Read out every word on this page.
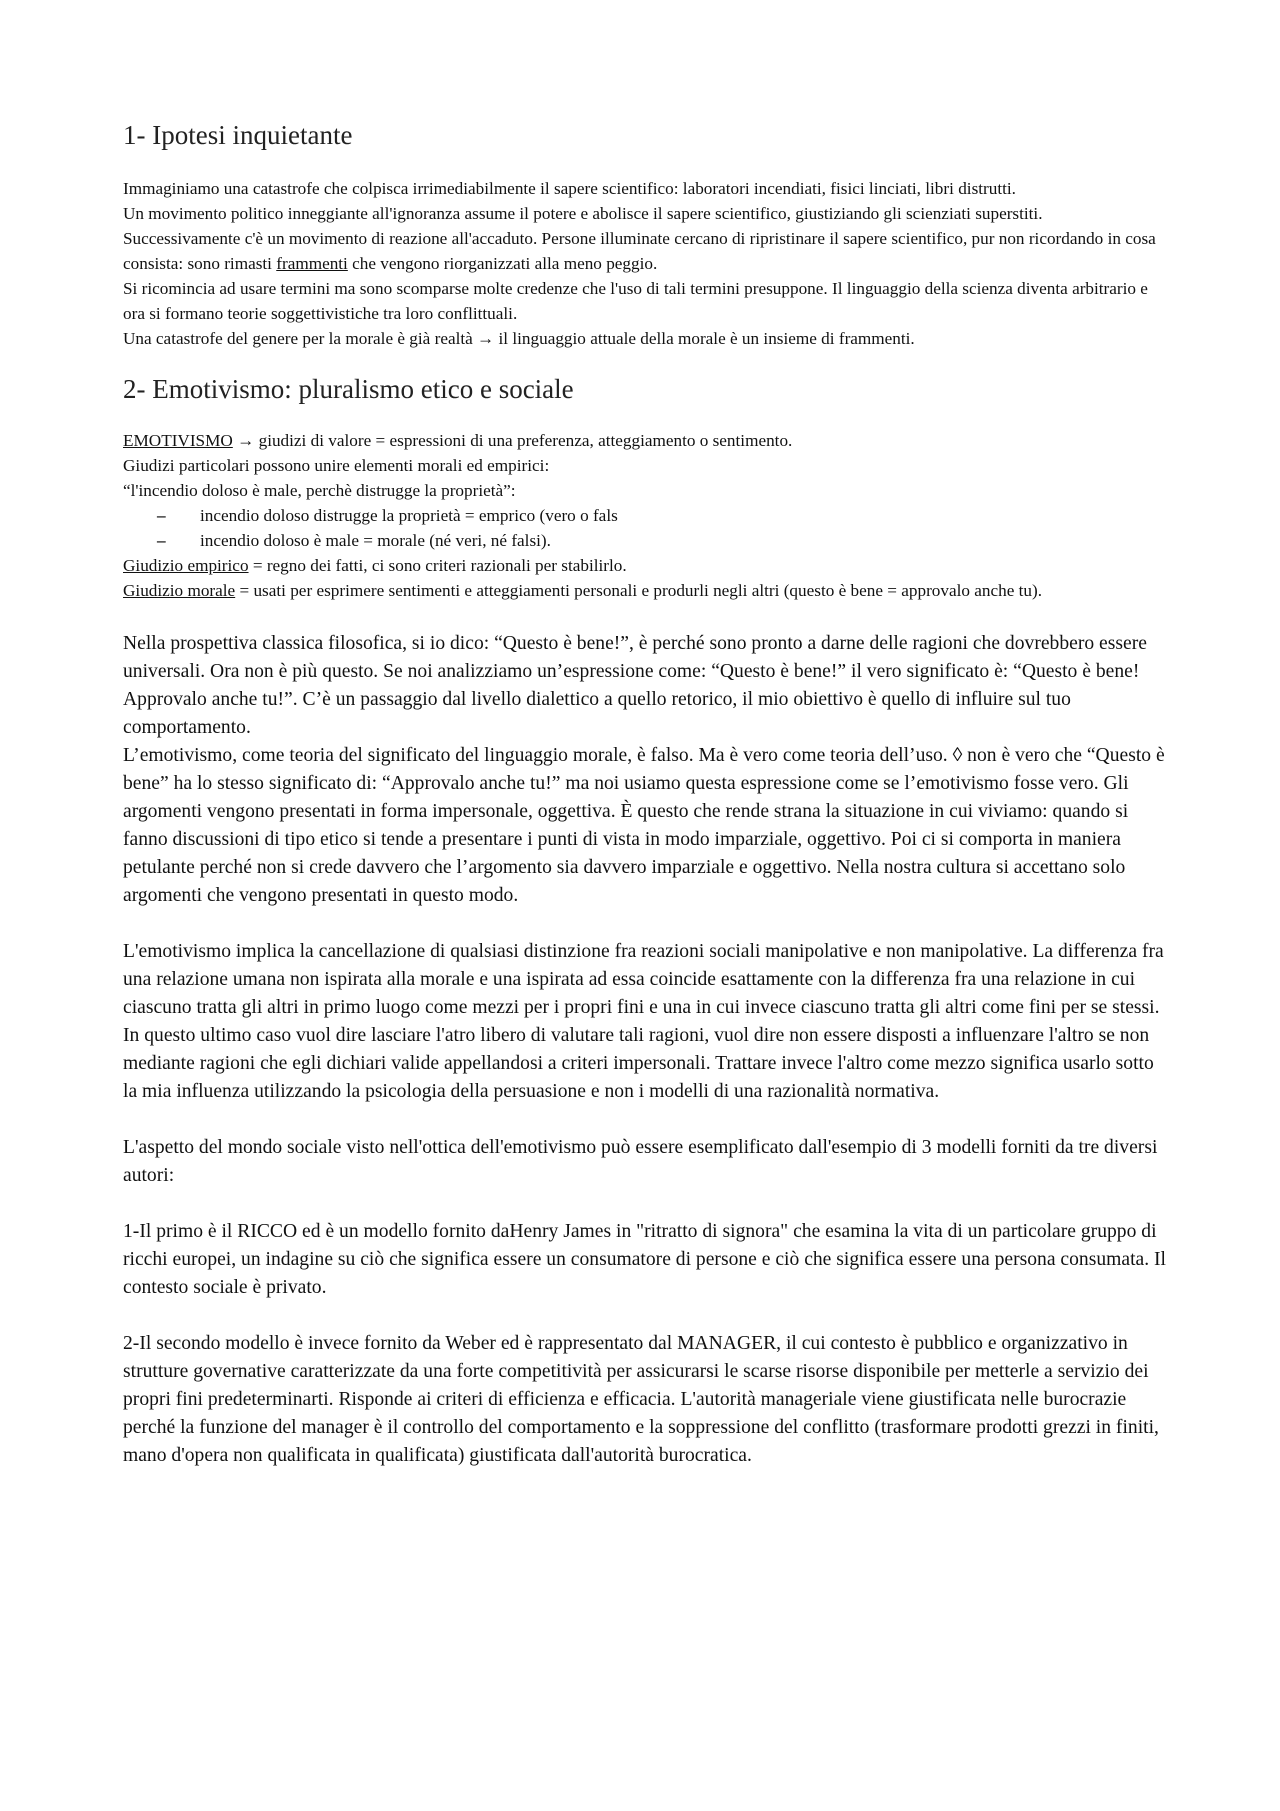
1- Ipotesi inquietante

Immaginiamo una catastrofe che colpisca irrimediabilmente il sapere scientifico: laboratori incendiati, fisici linciati, libri distrutti.

Un movimento politico inneggiante all'ignoranza assume il potere e abolisce il sapere scientifico, giustiziando gli scienziati superstiti.

Successivamente c'è un movimento di reazione all'accaduto. Persone illuminate cercano di ripristinare il sapere scientifico, pur non ricordando in cosa consista: sono rimasti frammenti che vengono riorganizzati alla meno peggio.

Si ricomincia ad usare termini ma sono scomparse molte credenze che l'uso di tali termini presuppone. Il linguaggio della scienza diventa arbitrario e ora si formano teorie soggettivistiche tra loro conflittuali.

Una catastrofe del genere per la morale è già realtà → il linguaggio attuale della morale è un insieme di frammenti.

2- Emotivismo: pluralismo etico e sociale

EMOTIVISMO → giudizi di valore = espressioni di una preferenza, atteggiamento o sentimento.

Giudizi particolari possono unire elementi morali ed empirici:

“l'incendio doloso è male, perchè distrugge la proprietà”:

– incendio doloso distrugge la proprietà = emprico (vero o fals
– incendio doloso è male = morale (né veri, né falsi).

Giudizio empirico = regno dei fatti, ci sono criteri razionali per stabilirlo.

Giudizio morale = usati per esprimere sentimenti e atteggiamenti personali e produrli negli altri (questo è bene = approvalo anche tu).

Nella prospettiva classica filosofica, si io dico: “Questo è bene!”, è perché sono pronto a darne delle ragioni che dovrebbero essere universali. Ora non è più questo. Se noi analizziamo un’espressione come: “Questo è bene!” il vero significato è: “Questo è bene! Approvalo anche tu!”. C’è un passaggio dal livello dialettico a quello retorico, il mio obiettivo è quello di influire sul tuo comportamento.

L’emotivismo, come teoria del significato del linguaggio morale, è falso. Ma è vero come teoria dell’uso. ◊ non è vero che “Questo è bene” ha lo stesso significato di: “Approvalo anche tu!” ma noi usiamo questa espressione come se l’emotivismo fosse vero. Gli argomenti vengono presentati in forma impersonale, oggettiva. È questo che rende strana la situazione in cui viviamo: quando si fanno discussioni di tipo etico si tende a presentare i punti di vista in modo imparziale, oggettivo. Poi ci si comporta in maniera petulante perché non si crede davvero che l’argomento sia davvero imparziale e oggettivo. Nella nostra cultura si accettano solo argomenti che vengono presentati in questo modo.

L'emotivismo implica la cancellazione di qualsiasi distinzione fra reazioni sociali manipolative e non manipolative. La differenza fra una relazione umana non ispirata alla morale e una ispirata ad essa coincide esattamente con la differenza fra una relazione in cui ciascuno tratta gli altri in primo luogo come mezzi per i propri fini e una in cui invece ciascuno tratta gli altri come fini per se stessi.

In questo ultimo caso vuol dire lasciare l'atro libero di valutare tali ragioni, vuol dire non essere disposti a influenzare l'altro se non mediante ragioni che egli dichiari valide appellandosi a criteri impersonali. Trattare invece l'altro come mezzo significa usarlo sotto la mia influenza utilizzando la psicologia della persuasione e non i modelli di una razionalità normativa.

L'aspetto del mondo sociale visto nell'ottica dell'emotivismo può essere esemplificato dall'esempio di 3 modelli forniti da tre diversi autori:

1-Il primo è il RICCO ed è un modello fornito daHenry James in "ritratto di signora" che esamina la vita di un particolare gruppo di ricchi europei, un indagine su ciò che significa essere un consumatore di persone e ciò che significa essere una persona consumata. Il contesto sociale è privato.

2-Il secondo modello è invece fornito da Weber ed è rappresentato dal MANAGER, il cui contesto è pubblico e organizzativo in strutture governative caratterizzate da una forte competitività per assicurarsi le scarse risorse disponibile per metterle a servizio dei propri fini predeterminarti. Risponde ai criteri di efficienza e efficacia. L'autorità manageriale viene giustificata nelle burocrazie perché la funzione del manager è il controllo del comportamento e la soppressione del conflitto (trasformare prodotti grezzi in finiti, mano d'opera non qualificata in qualificata) giustificata dall'autorità burocratica.
